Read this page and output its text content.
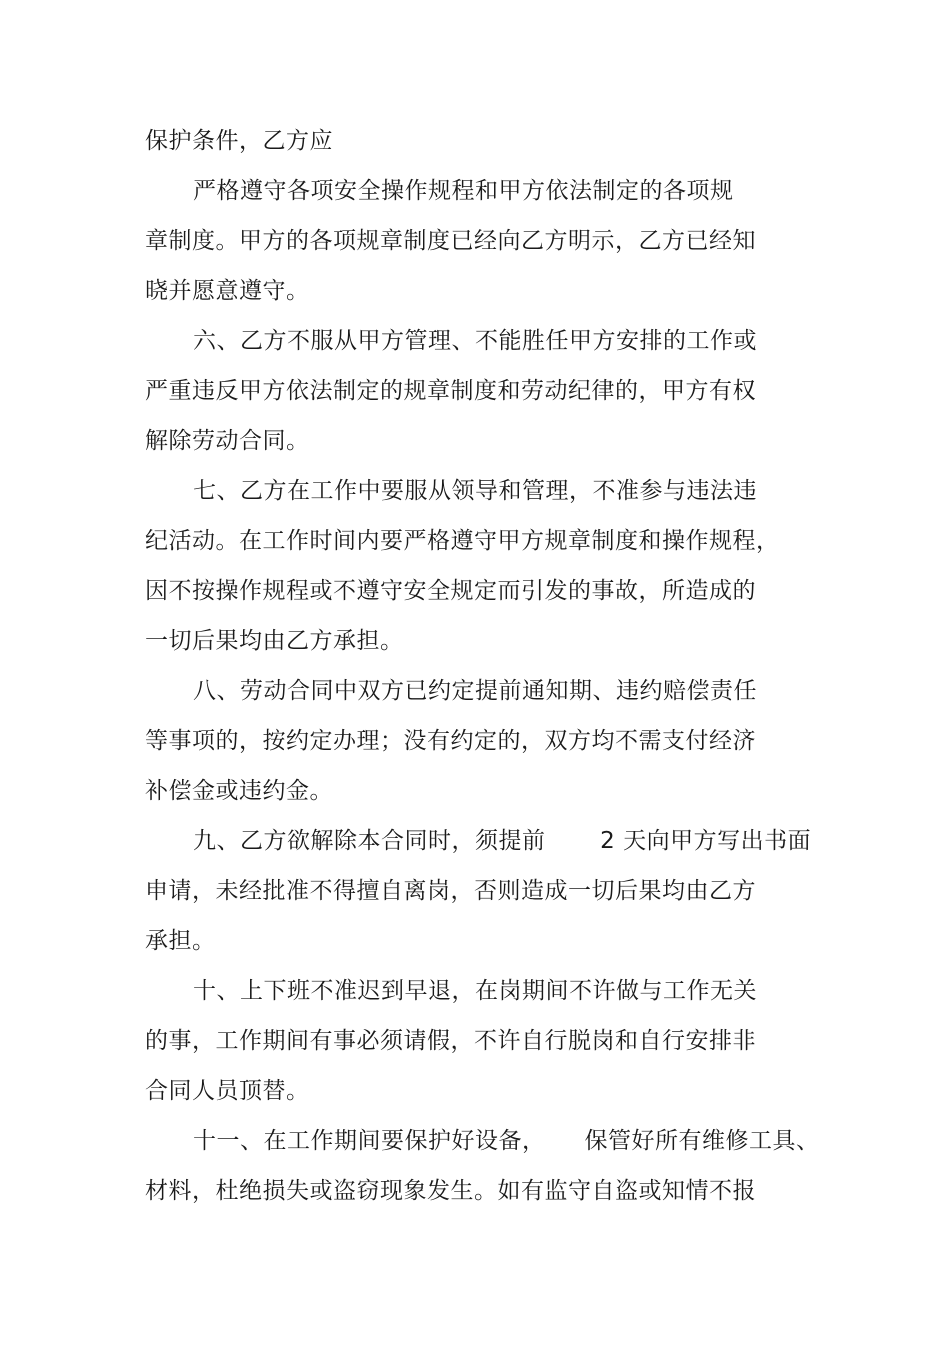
保护条件，乙方应
严格遵守各项安全操作规程和甲方依法制定的各项规
章制度。甲方的各项规章制度已经向乙方明示，乙方已经知
晓并愿意遵守。
六、乙方不服从甲方管理、不能胜任甲方安排的工作或
严重违反甲方依法制定的规章制度和劳动纪律的，甲方有权
解除劳动合同。
七、乙方在工作中要服从领导和管理，不准参与违法违
纪活动。在工作时间内要严格遵守甲方规章制度和操作规程，
因不按操作规程或不遵守安全规定而引发的事故，所造成的
一切后果均由乙方承担。
八、劳动合同中双方已约定提前通知期、违约赔偿责任
等事项的，按约定办理；没有约定的，双方均不需支付经济
补偿金或违约金。
九、乙方欲解除本合同时，须提前       2 天向甲方写出书面
申请，未经批准不得擅自离岗，否则造成一切后果均由乙方
承担。
十、上下班不准迟到早退，在岗期间不许做与工作无关
的事，工作期间有事必须请假，不许自行脱岗和自行安排非
合同人员顶替。
十一、在工作期间要保护好设备，     保管好所有维修工具、
材料，杜绝损失或盗窃现象发生。如有监守自盗或知情不报
